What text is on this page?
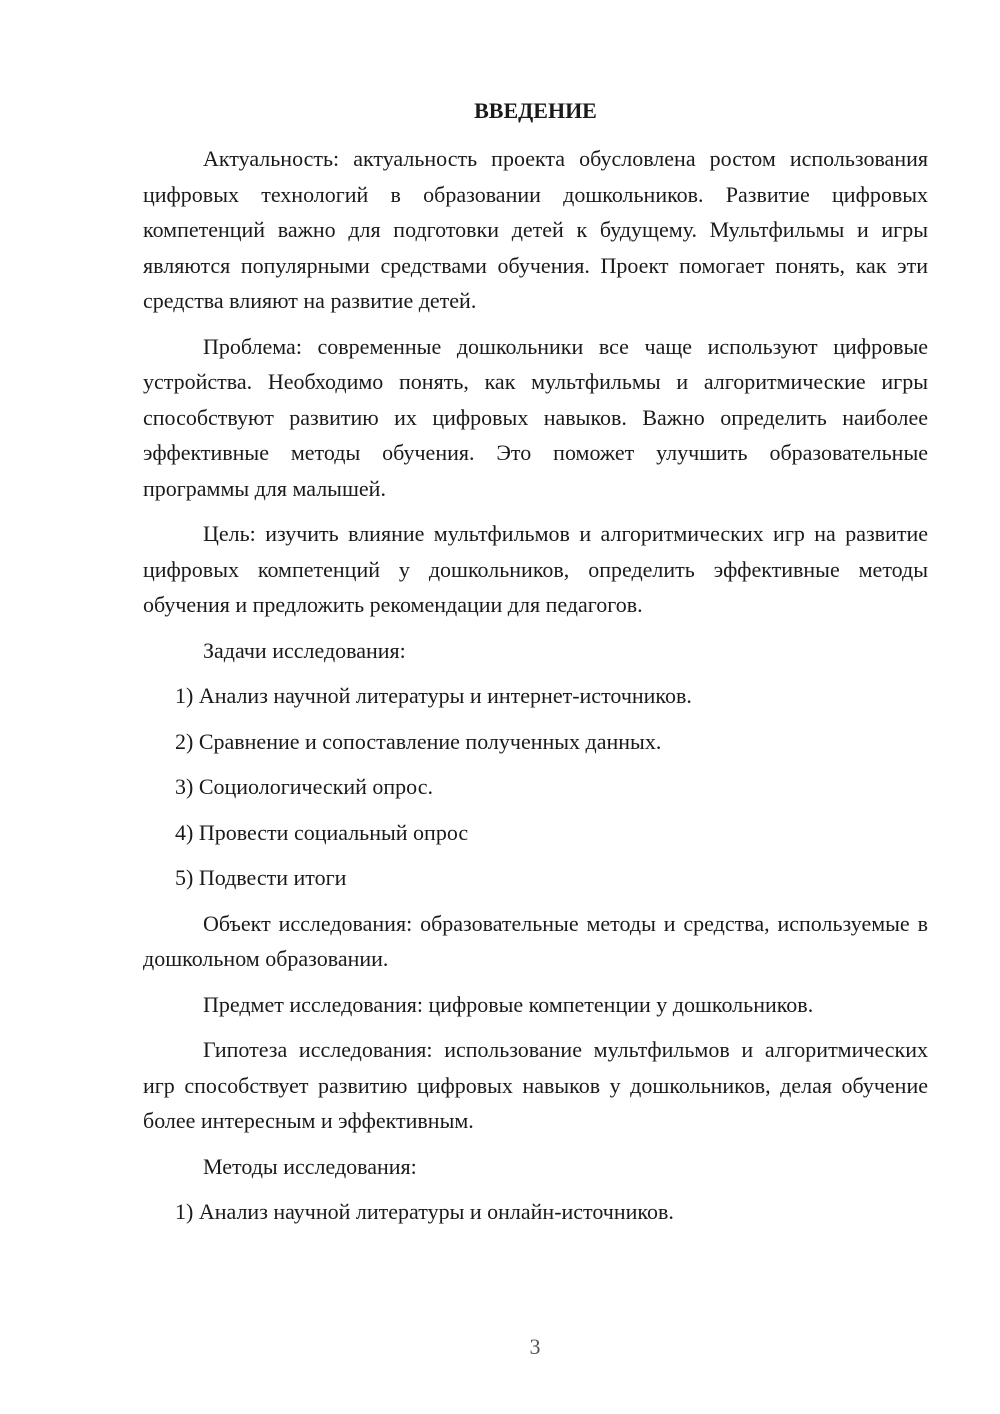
ВВЕДЕНИЕ

Актуальность: актуальность проекта обусловлена ростом использования цифровых технологий в образовании дошкольников. Развитие цифровых компетенций важно для подготовки детей к будущему. Мультфильмы и игры являются популярными средствами обучения. Проект помогает понять, как эти средства влияют на развитие детей.

Проблема: современные дошкольники все чаще используют цифровые устройства. Необходимо понять, как мультфильмы и алгоритмические игры способствуют развитию их цифровых навыков. Важно определить наиболее эффективные методы обучения. Это поможет улучшить образовательные программы для малышей.

Цель: изучить влияние мультфильмов и алгоритмических игр на развитие цифровых компетенций у дошкольников, определить эффективные методы обучения и предложить рекомендации для педагогов.

Задачи исследования:
1) Анализ научной литературы и интернет-источников.
2) Сравнение и сопоставление полученных данных.
3) Социологический опрос.
4) Провести социальный опрос
5) Подвести итоги

Объект исследования: образовательные методы и средства, используемые в дошкольном образовании.

Предмет исследования: цифровые компетенции у дошкольников.

Гипотеза исследования: использование мультфильмов и алгоритмических игр способствует развитию цифровых навыков у дошкольников, делая обучение более интересным и эффективным.

Методы исследования:
1) Анализ научной литературы и онлайн-источников.
3
